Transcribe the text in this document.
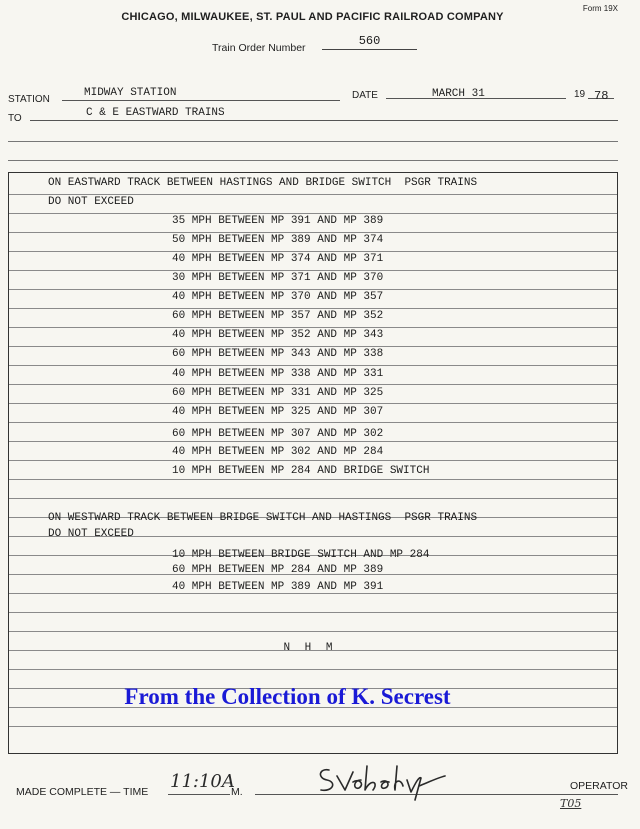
Form 19X
CHICAGO, MILWAUKEE, ST. PAUL AND PACIFIC RAILROAD COMPANY
Train Order Number	560
STATION
MIDWAY STATION	DATE	MARCH 31	19 78
TO	C & E EASTWARD TRAINS
ON EASTWARD TRACK BETWEEN HASTINGS AND BRIDGE SWITCH  PSGR TRAINS
DO NOT EXCEED
35 MPH BETWEEN MP 391 AND MP 389
50 MPH BETWEEN MP 389 AND MP 374
40 MPH BETWEEN MP 374 AND MP 371
30 MPH BETWEEN MP 371 AND MP 370
40 MPH BETWEEN MP 370 AND MP 357
60 MPH BETWEEN MP 357 AND MP 352
40 MPH BETWEEN MP 352 AND MP 343
60 MPH BETWEEN MP 343 AND MP 338
40 MPH BETWEEN MP 338 AND MP 331
60 MPH BETWEEN MP 331 AND MP 325
40 MPH BETWEEN MP 325 AND MP 307
60 MPH BETWEEN MP 307 AND MP 302
40 MPH BETWEEN MP 302 AND MP 284
10 MPH BETWEEN MP 284 AND BRIDGE SWITCH
ON WESTWARD TRACK BETWEEN BRIDGE SWITCH AND HASTINGS  PSGR TRAINS
DO NOT EXCEED
10 MPH BETWEEN BRIDGE SWITCH AND MP 284
60 MPH BETWEEN MP 284 AND MP 389
40 MPH BETWEEN MP 389 AND MP 391
N H M
From the Collection of K. Secrest
MADE COMPLETE — TIME 11:10A
M.	OPERATOR
T05
